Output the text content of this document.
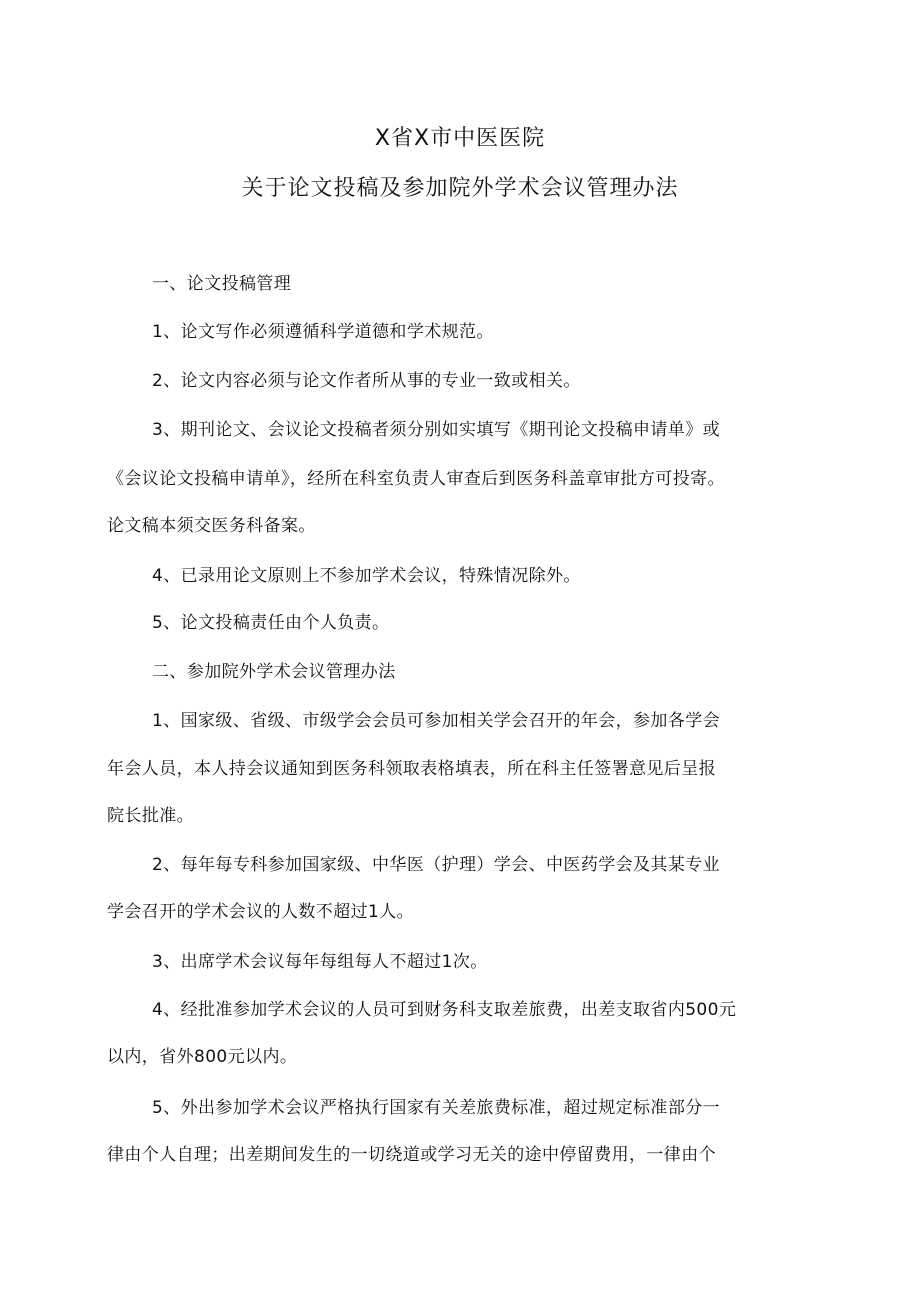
X省X市中医医院
关于论文投稿及参加院外学术会议管理办法
一、论文投稿管理
1、论文写作必须遵循科学道德和学术规范。
2、论文内容必须与论文作者所从事的专业一致或相关。
3、期刊论文、会议论文投稿者须分别如实填写《期刊论文投稿申请单》或
《会议论文投稿申请单》，经所在科室负责人审查后到医务科盖章审批方可投寄。
论文稿本须交医务科备案。
4、已录用论文原则上不参加学术会议，特殊情况除外。
5、论文投稿责任由个人负责。
二、参加院外学术会议管理办法
1、国家级、省级、市级学会会员可参加相关学会召开的年会，参加各学会
年会人员，本人持会议通知到医务科领取表格填表，所在科主任签署意见后呈报
院长批准。
2、每年每专科参加国家级、中华医（护理）学会、中医药学会及其某专业
学会召开的学术会议的人数不超过1人。
3、出席学术会议每年每组每人不超过1次。
4、经批准参加学术会议的人员可到财务科支取差旅费，出差支取省内500元
以内，省外800元以内。
5、外出参加学术会议严格执行国家有关差旅费标准，超过规定标准部分一
律由个人自理；出差期间发生的一切绕道或学习无关的途中停留费用，一律由个
